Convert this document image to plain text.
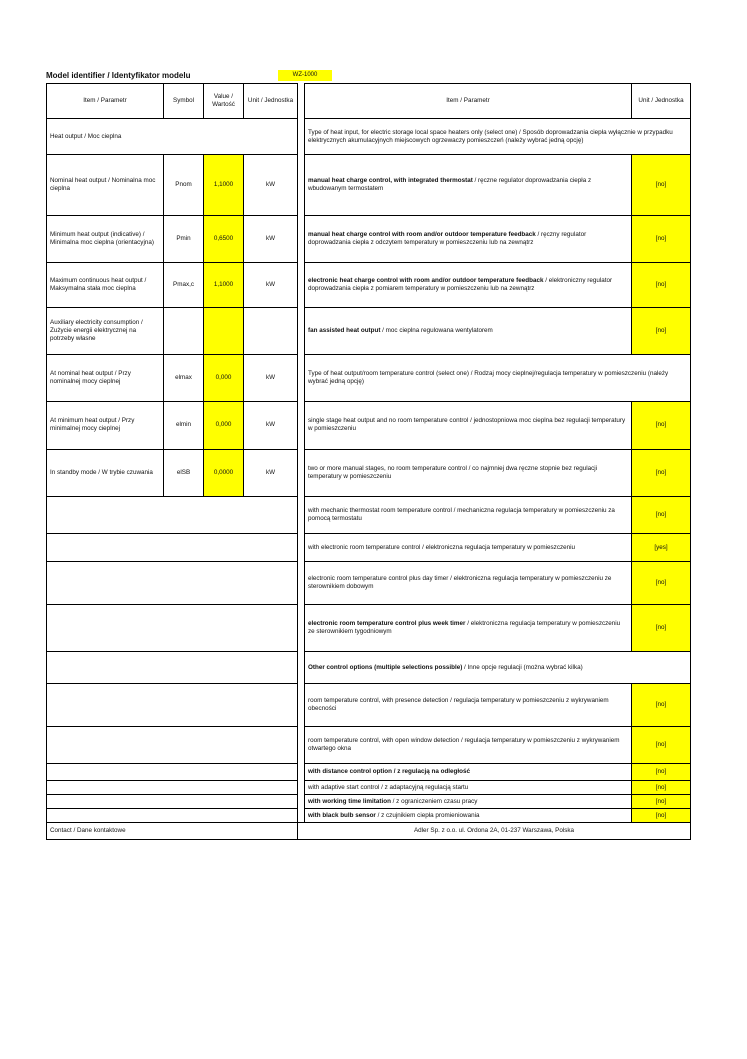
Model identifier / Identyfikator modelu	WZ-1000
Item / Parametr	Symbol	Value / Wartość	Unit / Jednostka		Item / Parametr	Unit / Jednostka
Heat output / Moc cieplna					Type of heat input, for electric storage local space heaters only (select one) / Sposób doprowadzania ciepła wyłącznie w przypadku elektrycznych akumulacyjnych miejscowych ogrzewaczy pomieszczeń (należy wybrać jedną opcję)	
Nominal heat output / Nominalna moc cieplna	Pnom	1,1000	kW		manual heat charge control, with integrated thermostat / ręczne regulator doprowadzania ciepła z wbudowanym termostatem	[no]
Minimum heat output (indicative) / Minimalna moc cieplna (orientacyjna)	Pmin	0,6500	kW		manual heat charge control with room and/or outdoor temperature feedback / ręczny regulator doprowadzania ciepła z odczytem temperatury w pomieszczeniu lub na zewnątrz	[no]
Maximum continuous heat output / Maksymalna stała moc cieplna	Pmax,c	1,1000	kW		electronic heat charge control with room and/or outdoor temperature feedback / elektroniczny regulator doprowadzania ciepła z pomiarem temperatury w pomieszczeniu lub na zewnątrz	[no]
Auxiliary electricity consumption / Zużycie energii elektrycznej na potrzeby własne					fan assisted heat output / moc cieplna regulowana wentylatorem	[no]
At nominal heat output / Przy nominalnej mocy cieplnej	elmax	0,000	kW		Type of heat output/room temperature control (select one) / Rodzaj mocy cieplnej/regulacja temperatury w pomieszczeniu (należy wybrać jedną opcję)	
At minimum heat output / Przy minimalnej mocy cieplnej	elmin	0,000	kW		single stage heat output and no room temperature control / jednostopniowa moc cieplna bez regulacji temperatury w pomieszczeniu	[no]
In standby mode / W trybie czuwania	elSB	0,0000	kW		two or more manual stages, no room temperature control / co najmniej dwa ręczne stopnie bez regulacji temperatury w pomieszczeniu	[no]
					with mechanic thermostat room temperature control / mechaniczna regulacja temperatury w pomieszczeniu za pomocą termostatu	[no]
					with electronic room temperature control / elektroniczna regulacja temperatury w pomieszczeniu	[yes]
					electronic room temperature control plus day timer / elektroniczna regulacja temperatury w pomieszczeniu ze sterownikiem dobowym	[no]
					electronic room temperature control plus week timer / elektroniczna regulacja temperatury w pomieszczeniu ze sterownikiem tygodniowym	[no]
					Other control options (multiple selections possible) / Inne opcje regulacji (można wybrać kilka)	
					room temperature control, with presence detection / regulacja temperatury w pomieszczeniu z wykrywaniem obecności	[no]
					room temperature control, with open window detection / regulacja temperatury w pomieszczeniu z wykrywaniem otwartego okna	[no]
					with distance control option / z regulacją na odległość	[no]
					with adaptive start control / z adaptacyjną regulacją startu	[no]
					with working time limitation / z ograniczeniem czasu pracy	[no]
					with black bulb sensor / z czujnikiem ciepła promieniowania	[no]
Contact / Dane kontaktowe				Adler Sp. z o.o. ul. Ordona 2A, 01-237 Warszawa, Polska		
